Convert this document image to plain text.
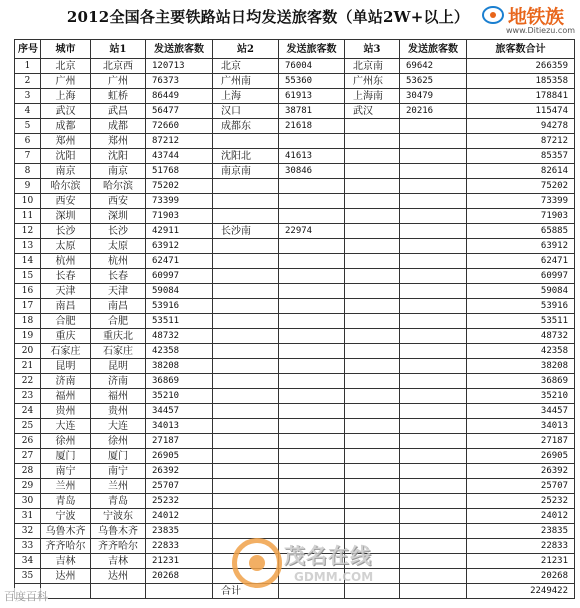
2012全国各主要铁路站日均发送旅客数（单站2W+以上）	地铁族
www.Ditiezu.com
序号	城市	站1	发送旅客数	站2	发送旅客数	站3	发送旅客数	旅客数合计
1	北京	北京西	120713	北京	76004	北京南	69642	266359
2	广州	广州	76373	广州南	55360	广州东	53625	185358
3	上海	虹桥	86449	上海	61913	上海南	30479	178841
4	武汉	武昌	56477	汉口	38781	武汉	20216	115474
5	成都	成都	72660	成都东	21618			94278
6	郑州	郑州	87212					87212
7	沈阳	沈阳	43744	沈阳北	41613			85357
8	南京	南京	51768	南京南	30846			82614
9	哈尔滨	哈尔滨	75202					75202
10	西安	西安	73399					73399
11	深圳	深圳	71903					71903
12	长沙	长沙	42911	长沙南	22974			65885
13	太原	太原	63912					63912
14	杭州	杭州	62471					62471
15	长春	长春	60997					60997
16	天津	天津	59084					59084
17	南昌	南昌	53916					53916
18	合肥	合肥	53511					53511
19	重庆	重庆北	48732					48732
20	石家庄	石家庄	42358					42358
21	昆明	昆明	38208					38208
22	济南	济南	36869					36869
23	福州	福州	35210					35210
24	贵州	贵州	34457					34457
25	大连	大连	34013					34013
26	徐州	徐州	27187					27187
27	厦门	厦门	26905					26905
28	南宁	南宁	26392					26392
29	兰州	兰州	25707					25707
30	青岛	青岛	25232					25232
31	宁波	宁波东	24012					24012
32	乌鲁木齐	乌鲁木齐	23835					23835
33	齐齐哈尔	齐齐哈尔	22833					22833
34	吉林	吉林	21231					21231
35	达州	达州	20268					20268
				合计				2249422
茂名在线
GDMM.COM
百度百科
